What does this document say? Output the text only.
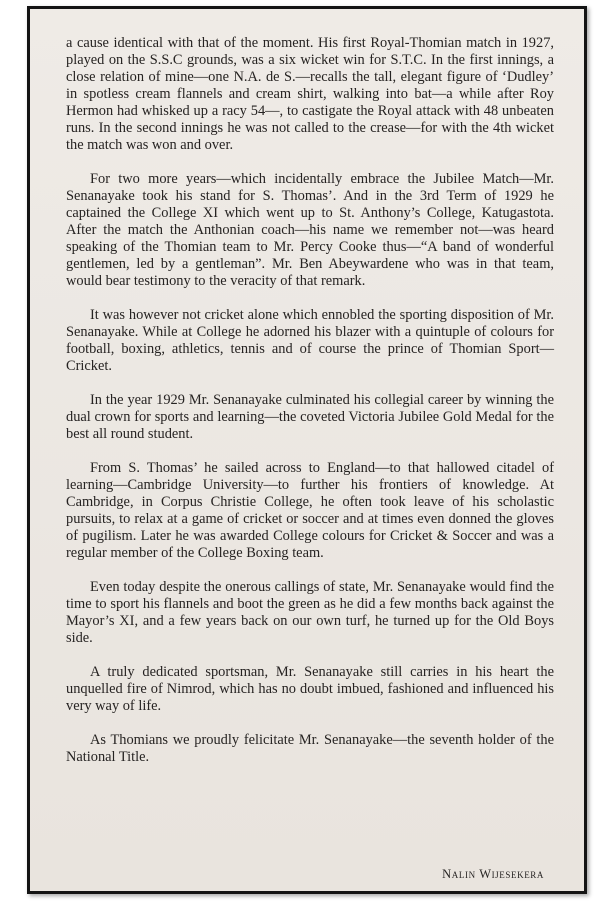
a cause identical with that of the moment. His first Royal-Thomian match in 1927, played on the S.S.C grounds, was a six wicket win for S.T.C. In the first innings, a close relation of mine—one N.A. de S.—recalls the tall, elegant figure of ‘Dudley’ in spotless cream flannels and cream shirt, walking into bat—a while after Roy Hermon had whisked up a racy 54—, to castigate the Royal attack with 48 unbeaten runs. In the second innings he was not called to the crease—for with the 4th wicket the match was won and over.

For two more years—which incidentally embrace the Jubilee Match—Mr. Senanayake took his stand for S. Thomas’. And in the 3rd Term of 1929 he captained the College XI which went up to St. Anthony’s College, Katugastota. After the match the Anthonian coach—his name we remember not—was heard speaking of the Thomian team to Mr. Percy Cooke thus—“A band of wonderful gentlemen, led by a gentleman”. Mr. Ben Abeywardene who was in that team, would bear testimony to the veracity of that remark.

It was however not cricket alone which ennobled the sporting disposition of Mr. Senanayake. While at College he adorned his blazer with a quintuple of colours for football, boxing, athletics, tennis and of course the prince of Thomian Sport—Cricket.

In the year 1929 Mr. Senanayake culminated his collegial career by winning the dual crown for sports and learning—the coveted Victoria Jubilee Gold Medal for the best all round student.

From S. Thomas’ he sailed across to England—to that hallowed citadel of learning—Cambridge University—to further his frontiers of knowledge. At Cambridge, in Corpus Christie College, he often took leave of his scholastic pursuits, to relax at a game of cricket or soccer and at times even donned the gloves of pugilism. Later he was awarded College colours for Cricket & Soccer and was a regular member of the College Boxing team.

Even today despite the onerous callings of state, Mr. Senanayake would find the time to sport his flannels and boot the green as he did a few months back against the Mayor’s XI, and a few years back on our own turf, he turned up for the Old Boys side.

A truly dedicated sportsman, Mr. Senanayake still carries in his heart the unquelled fire of Nimrod, which has no doubt imbued, fashioned and influenced his very way of life.

As Thomians we proudly felicitate Mr. Senanayake—the seventh holder of the National Title.

Nalin Wijesekera
